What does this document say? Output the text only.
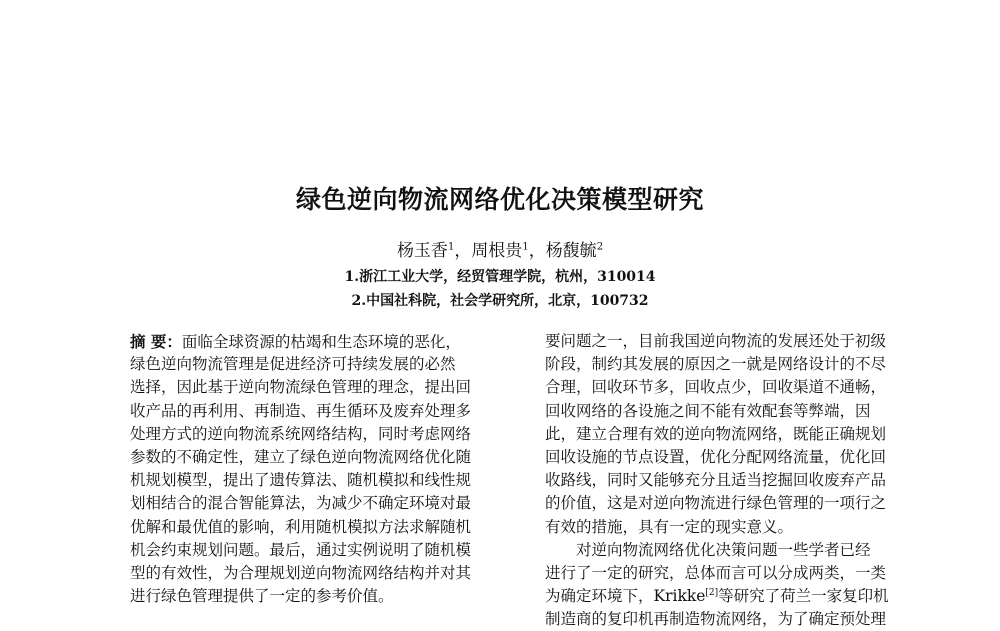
绿色逆向物流网络优化决策模型研究
杨玉香$^1$，周根贵$^1$，杨馥毓$^2$
1.浙江工业大学，经贸管理学院，杭州，310014
2.中国社科院，社会学研究所，北京，100732
摘 要：面临全球资源的枯竭和生态环境的恶化，
绿色逆向物流管理是促进经济可持续发展的必然
选择，因此基于逆向物流绿色管理的理念，提出回
收产品的再利用、再制造、再生循环及废弃处理多
处理方式的逆向物流系统网络结构，同时考虑网络
参数的不确定性，建立了绿色逆向物流网络优化随
机规划模型，提出了遗传算法、随机模拟和线性规
划相结合的混合智能算法，为减少不确定环境对最
优解和最优值的影响，利用随机模拟方法求解随机
机会约束规划问题。最后，通过实例说明了随机模
型的有效性，为合理规划逆向物流网络结构并对其
进行绿色管理提供了一定的参考价值。
要问题之一，目前我国逆向物流的发展还处于初级
阶段，制约其发展的原因之一就是网络设计的不尽
合理，回收环节多，回收点少，回收渠道不通畅，
回收网络的各设施之间不能有效配套等弊端，因
此，建立合理有效的逆向物流网络，既能正确规划
回收设施的节点设置，优化分配网络流量，优化回
收路线，同时又能够充分且适当挖掘回收废弃产品
的价值，这是对逆向物流进行绿色管理的一项行之
有效的措施，具有一定的现实意义。
对逆向物流网络优化决策问题一些学者已经
进行了一定的研究，总体而言可以分成两类，一类
为确定环境下，Krikke[2]等研究了荷兰一家复印机
制造商的复印机再制造物流网络，为了确定预处理
